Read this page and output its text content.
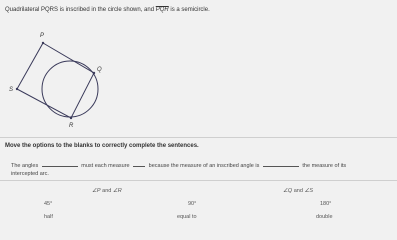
Quadrilateral PQRS is inscribed in the circle shown, and $\overline{PQR}$ is a semicircle.
P
Q
R
S
Move the options to the blanks to correctly complete the sentences.
The angles	must each measure	because the measure of an inscribed angle is	the measure of its
intercepted arc.
∠P and ∠R	∠Q and ∠S
45°	90°	180°
half	equal to	double
